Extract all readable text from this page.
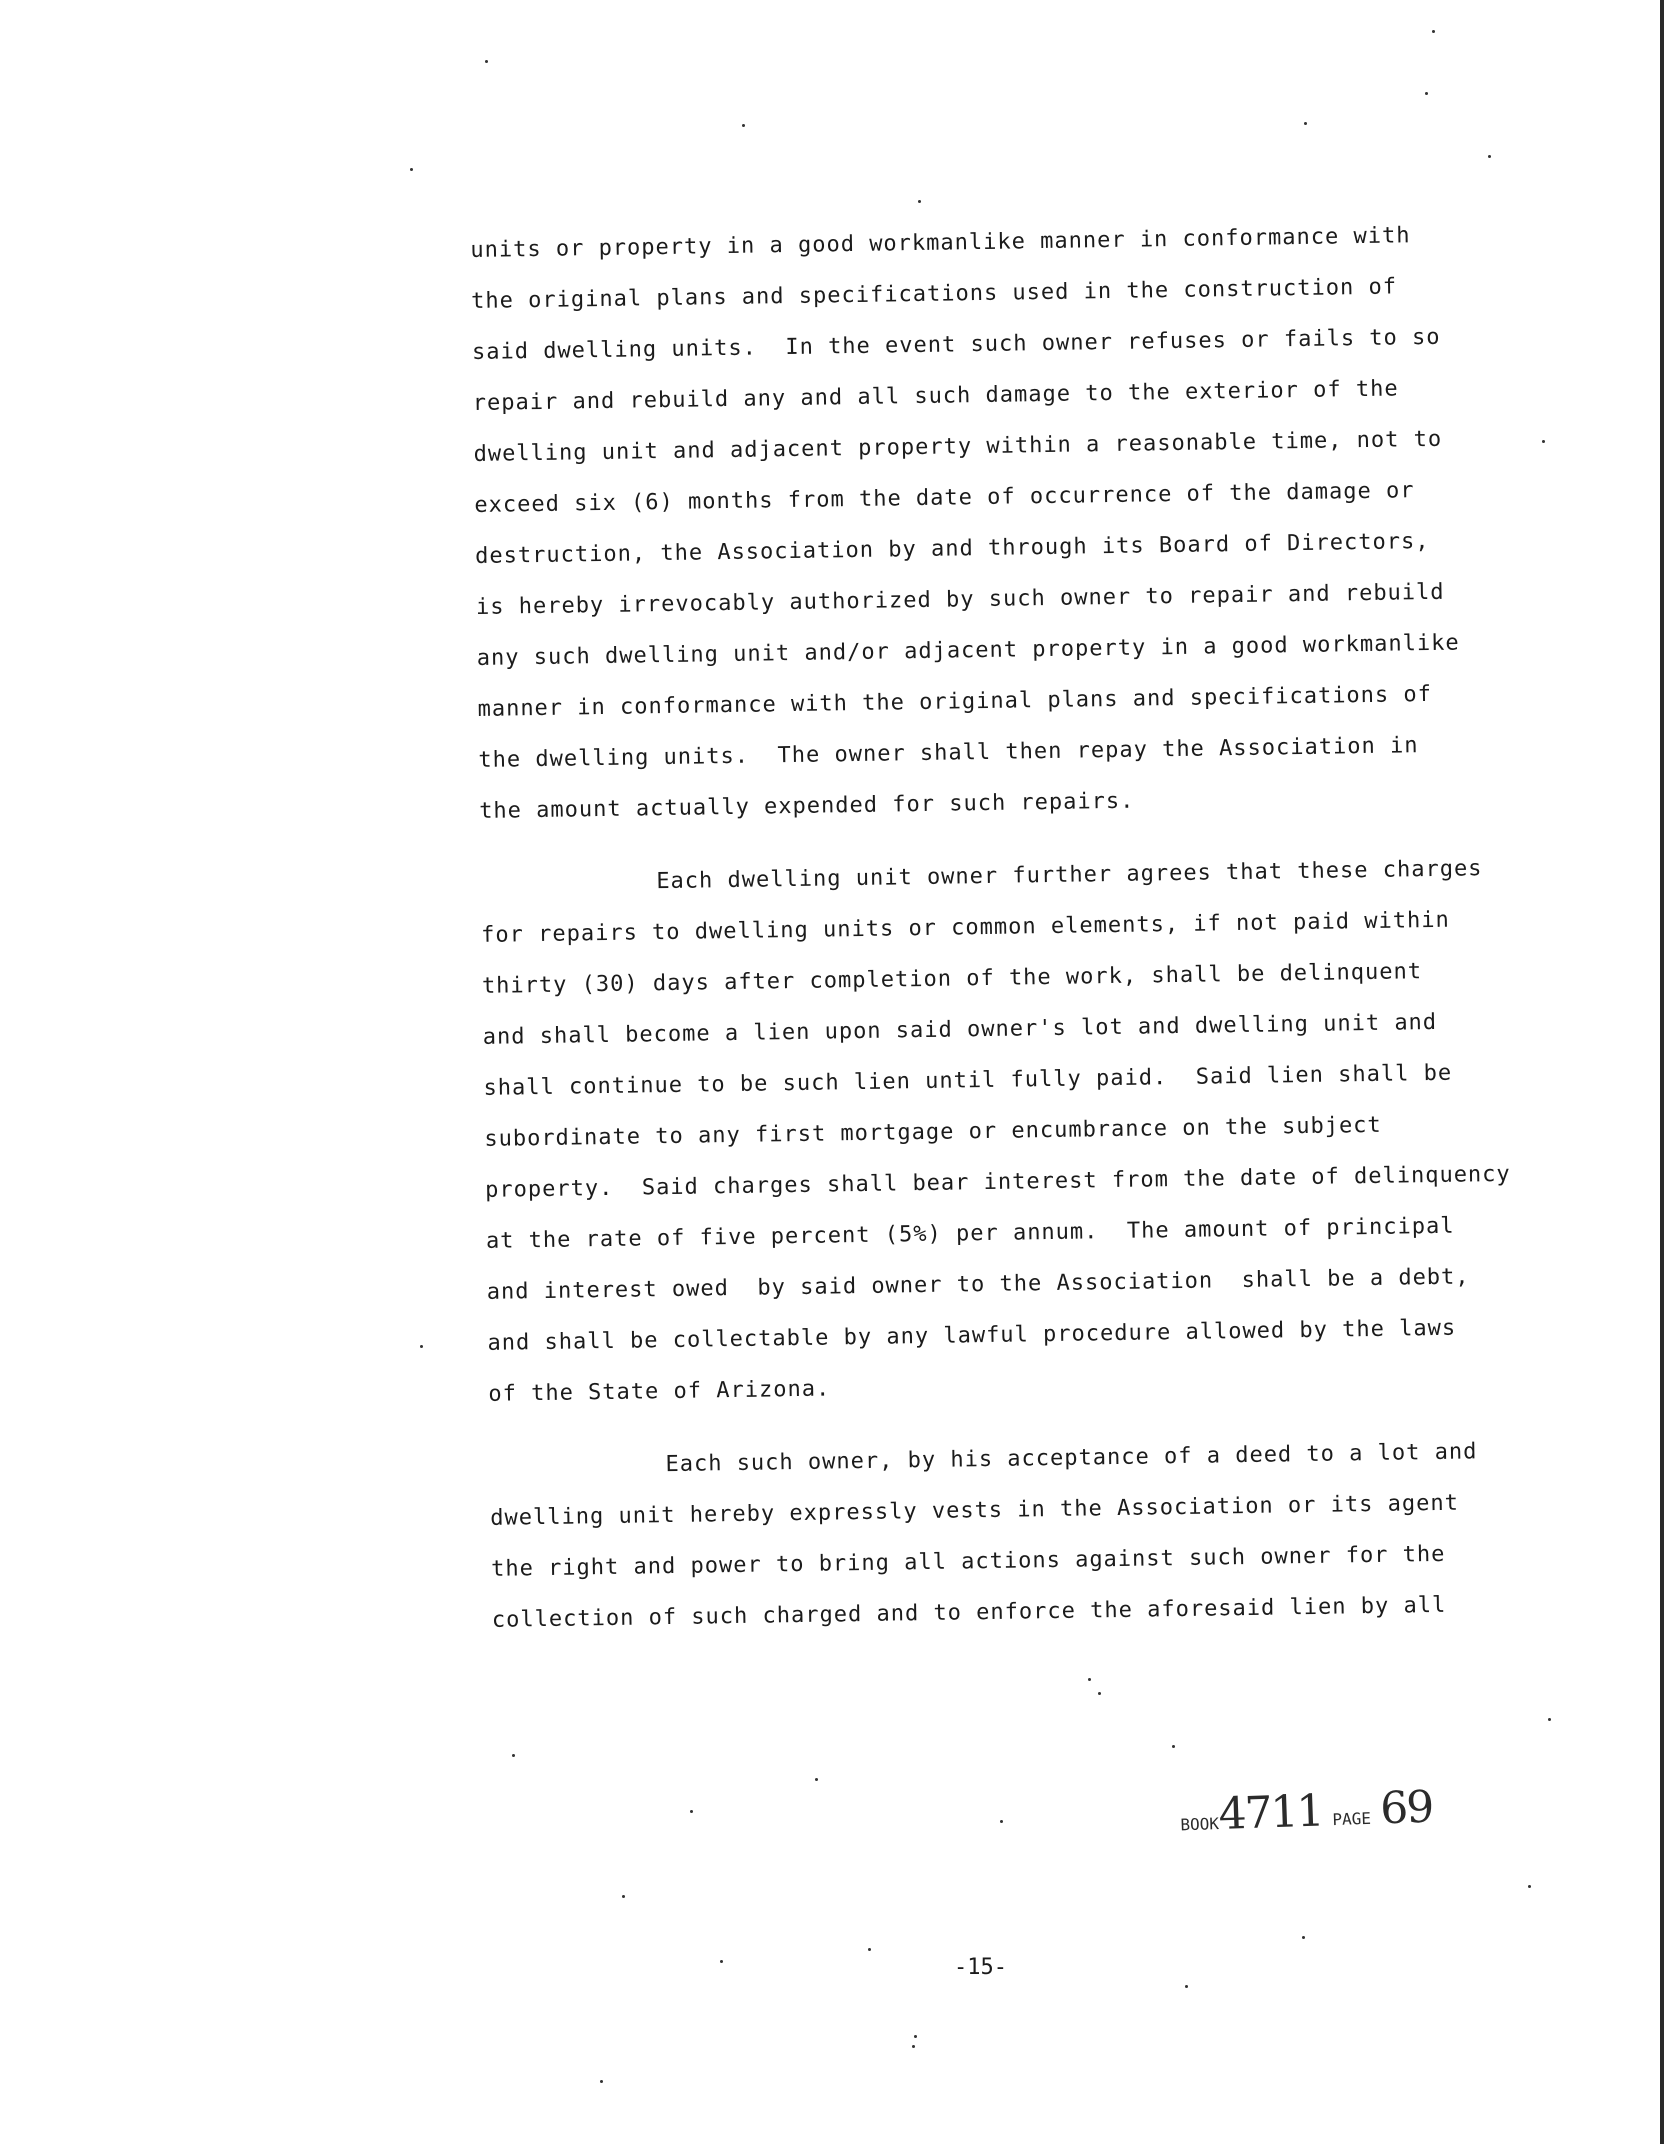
units or property in a good workmanlike manner in conformance with
the original plans and specifications used in the construction of
said dwelling units.  In the event such owner refuses or fails to so
repair and rebuild any and all such damage to the exterior of the
dwelling unit and adjacent property within a reasonable time, not to
exceed six (6) months from the date of occurrence of the damage or
destruction, the Association by and through its Board of Directors,
is hereby irrevocably authorized by such owner to repair and rebuild
any such dwelling unit and/or adjacent property in a good workmanlike
manner in conformance with the original plans and specifications of
the dwelling units.  The owner shall then repay the Association in
the amount actually expended for such repairs.
Each dwelling unit owner further agrees that these charges
for repairs to dwelling units or common elements, if not paid within
thirty (30) days after completion of the work, shall be delinquent
and shall become a lien upon said owner's lot and dwelling unit and
shall continue to be such lien until fully paid.  Said lien shall be
subordinate to any first mortgage or encumbrance on the subject
property.  Said charges shall bear interest from the date of delinquency
at the rate of five percent (5%) per annum.  The amount of principal
and interest owed  by said owner to the Association  shall be a debt,
and shall be collectable by any lawful procedure allowed by the laws
of the State of Arizona.
Each such owner, by his acceptance of a deed to a lot and
dwelling unit hereby expressly vests in the Association or its agent
the right and power to bring all actions against such owner for the
collection of such charged and to enforce the aforesaid lien by all
BOOK4711 PAGE 69
-15-
